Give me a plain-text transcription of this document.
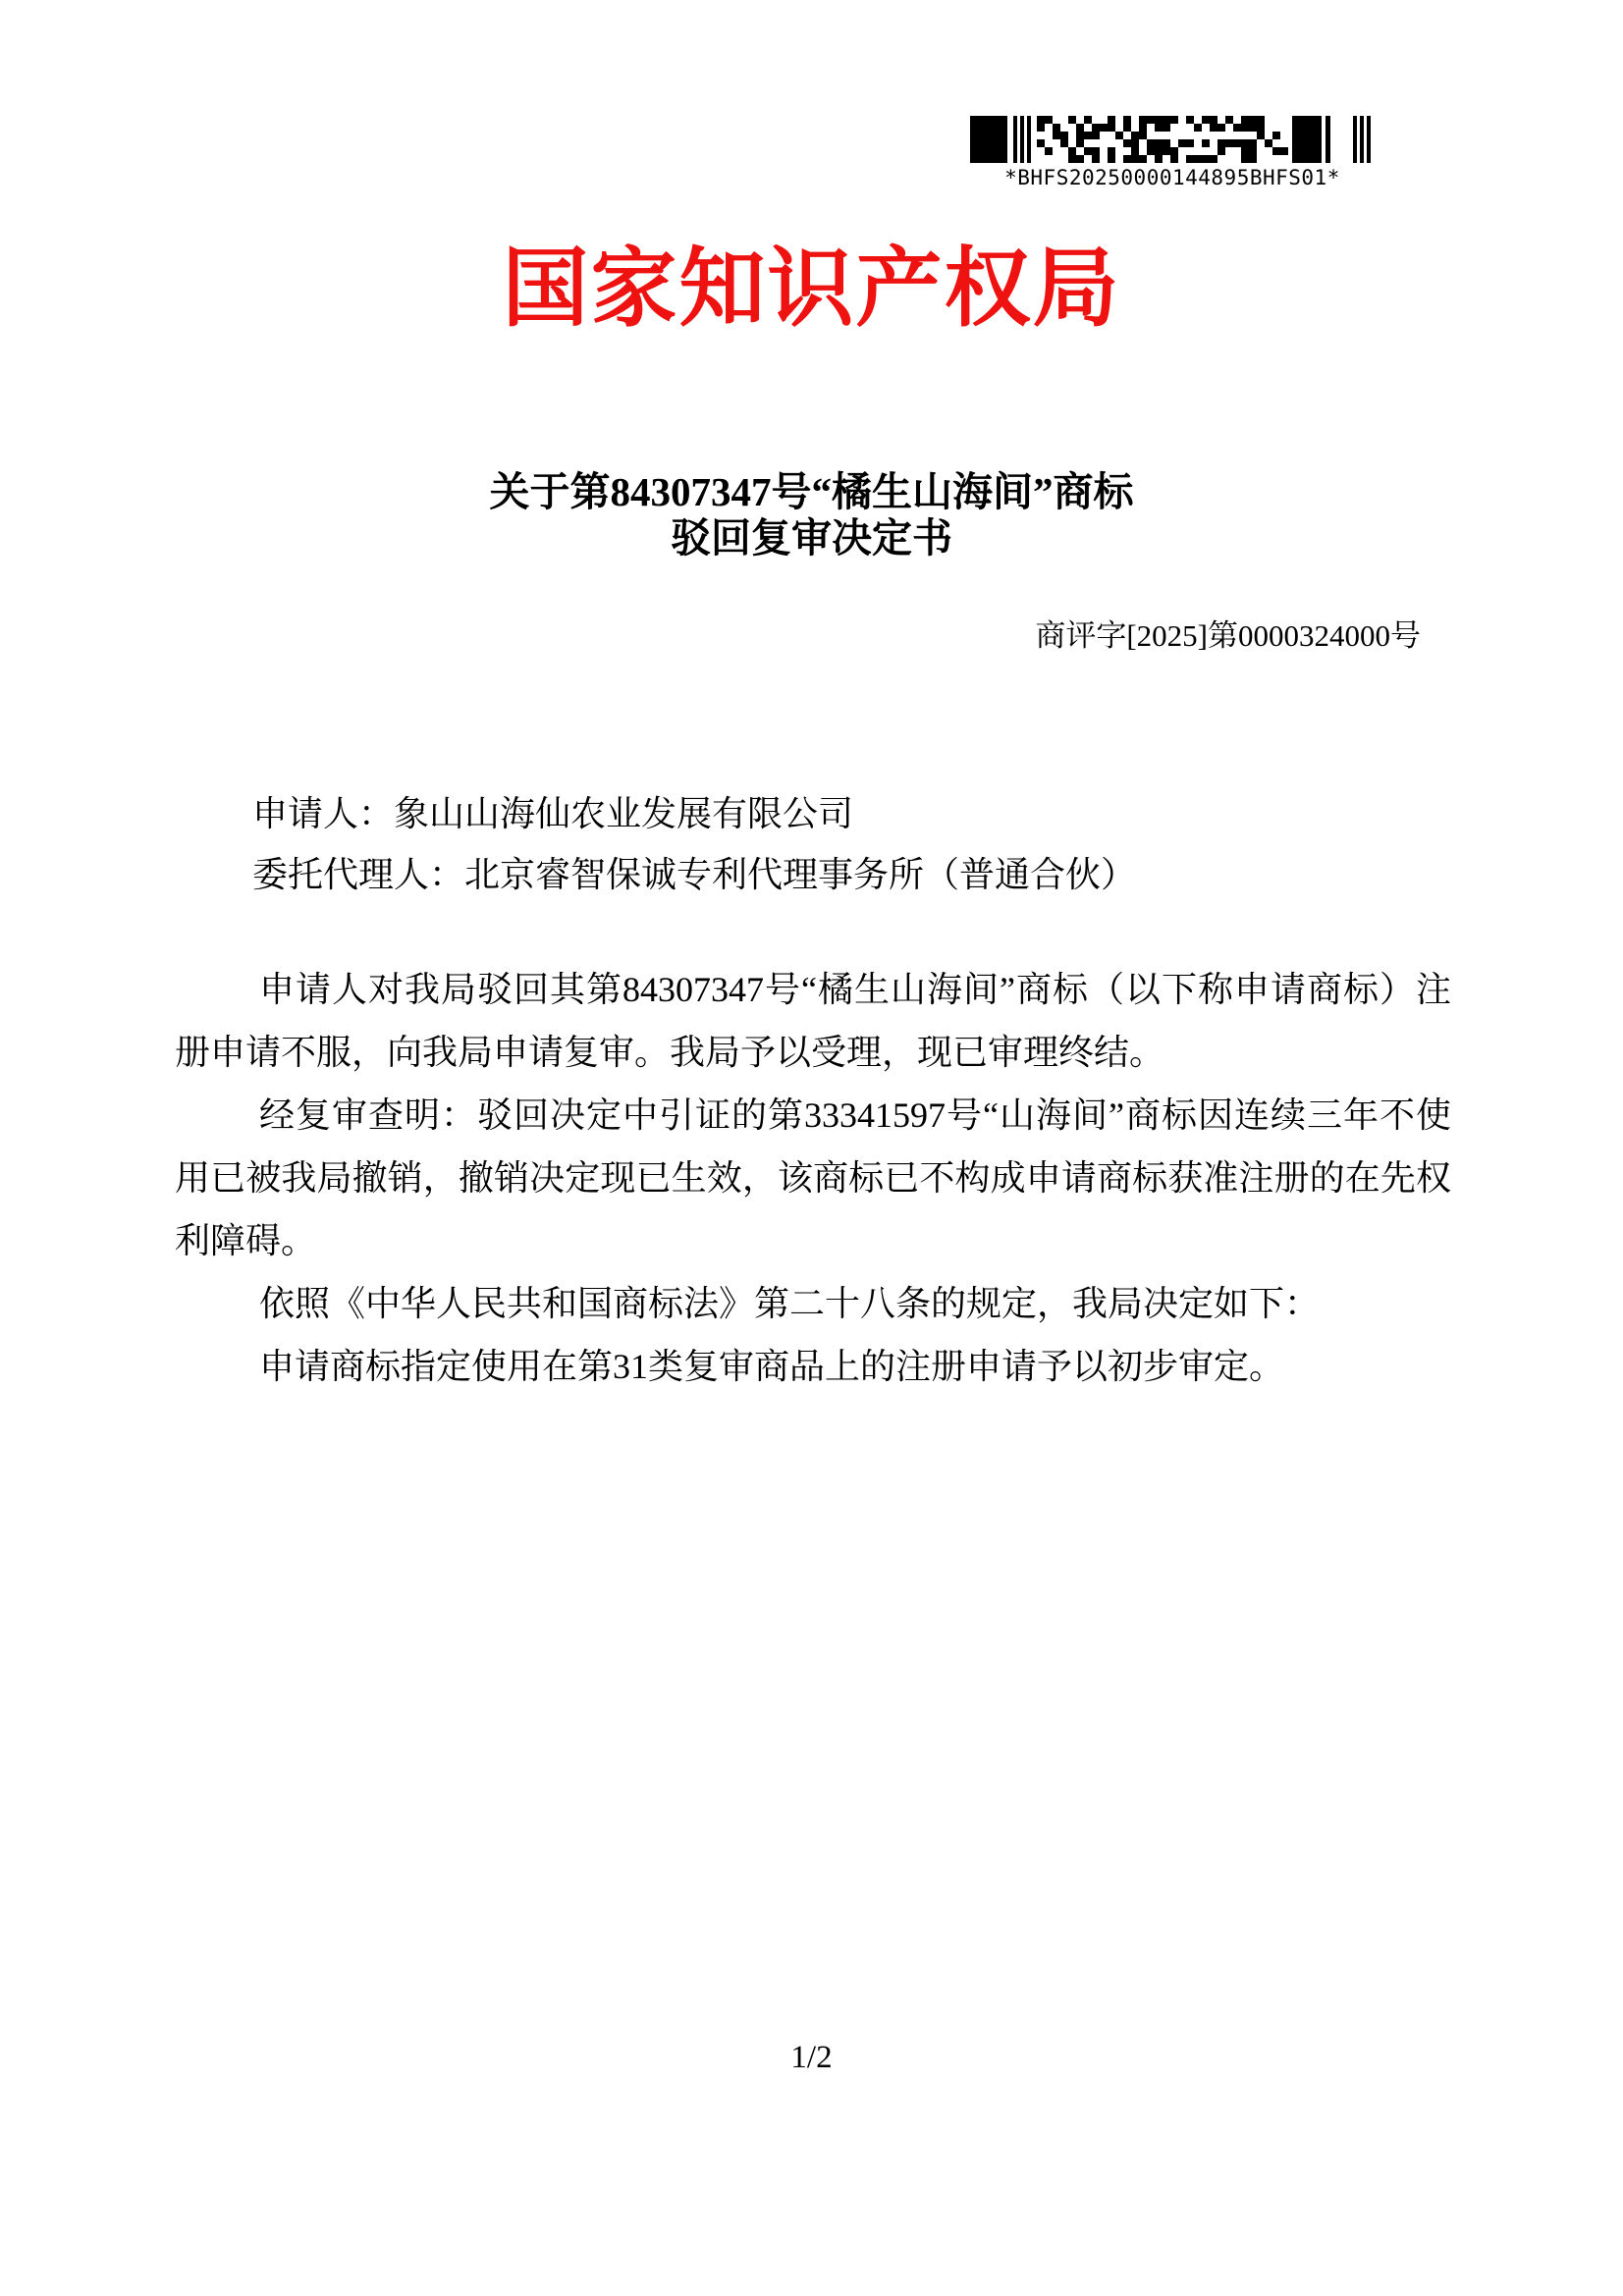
*BHFS20250000144895BHFS01*
国家知识产权局
关于第84307347号“橘生山海间”商标
驳回复审决定书
商评字[2025]第0000324000号
申请人：象山山海仙农业发展有限公司
委托代理人：北京睿智保诚专利代理事务所（普通合伙）

申请人对我局驳回其第84307347号“橘生山海间”商标（以下称申请商标）注册申请不服，向我局申请复审。我局予以受理，现已审理终结。

经复审查明：驳回决定中引证的第33341597号“山海间”商标因连续三年不使用已被我局撤销，撤销决定现已生效，该商标已不构成申请商标获准注册的在先权利障碍。

依照《中华人民共和国商标法》第二十八条的规定，我局决定如下：

申请商标指定使用在第31类复审商品上的注册申请予以初步审定。

1/2
